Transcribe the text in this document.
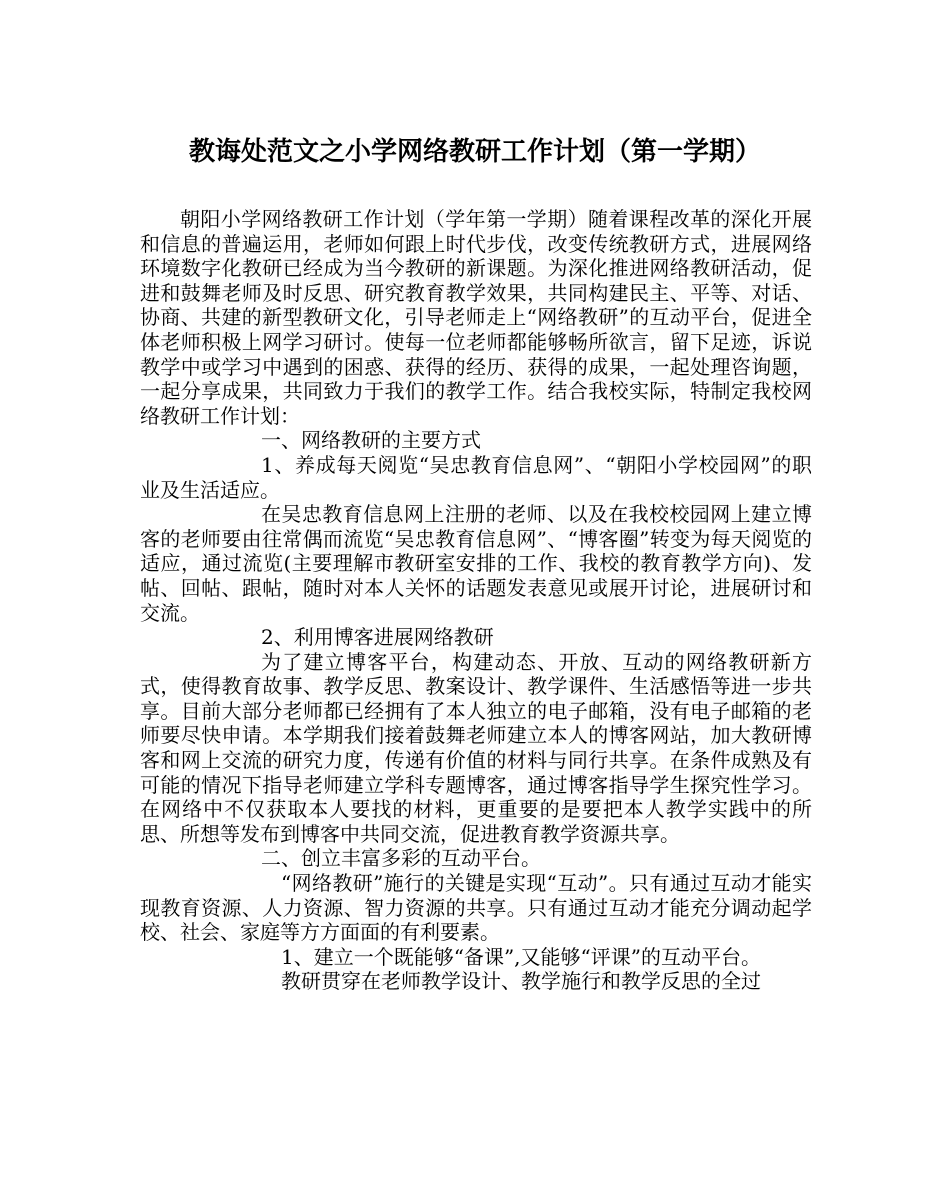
教诲处范文之小学网络教研工作计划（第一学期）

朝阳小学网络教研工作计划（学年第一学期）随着课程改革的深化开展和信息的普遍运用，老师如何跟上时代步伐，改变传统教研方式，进展网络环境数字化教研已经成为当今教研的新课题。为深化推进网络教研活动，促进和鼓舞老师及时反思、研究教育教学效果，共同构建民主、平等、对话、协商、共建的新型教研文化，引导老师走上“网络教研”的互动平台，促进全体老师积极上网学习研讨。使每一位老师都能够畅所欲言，留下足迹，诉说教学中或学习中遇到的困惑、获得的经历、获得的成果，一起处理咨询题，一起分享成果，共同致力于我们的教学工作。结合我校实际，特制定我校网络教研工作计划：

一、网络教研的主要方式

1、养成每天阅览“吴忠教育信息网”、“朝阳小学校园网”的职业及生活适应。

在吴忠教育信息网上注册的老师、以及在我校校园网上建立博客的老师要由往常偶而流览“吴忠教育信息网”、“博客圈”转变为每天阅览的适应，通过流览(主要理解市教研室安排的工作、我校的教育教学方向)、发帖、回帖、跟帖，随时对本人关怀的话题发表意见或展开讨论，进展研讨和交流。

2、利用博客进展网络教研

为了建立博客平台，构建动态、开放、互动的网络教研新方式，使得教育故事、教学反思、教案设计、教学课件、生活感悟等进一步共享。目前大部分老师都已经拥有了本人独立的电子邮箱，没有电子邮箱的老师要尽快申请。本学期我们接着鼓舞老师建立本人的博客网站，加大教研博客和网上交流的研究力度，传递有价值的材料与同行共享。在条件成熟及有可能的情况下指导老师建立学科专题博客，通过博客指导学生探究性学习。在网络中不仅获取本人要找的材料，更重要的是要把本人教学实践中的所思、所想等发布到博客中共同交流，促进教育教学资源共享。

二、创立丰富多彩的互动平台。

“网络教研”施行的关键是实现“互动”。只有通过互动才能实现教育资源、人力资源、智力资源的共享。只有通过互动才能充分调动起学校、社会、家庭等方方面面的有利要素。

1、建立一个既能够“备课”,又能够“评课”的互动平台。

教研贯穿在老师教学设计、教学施行和教学反思的全过
